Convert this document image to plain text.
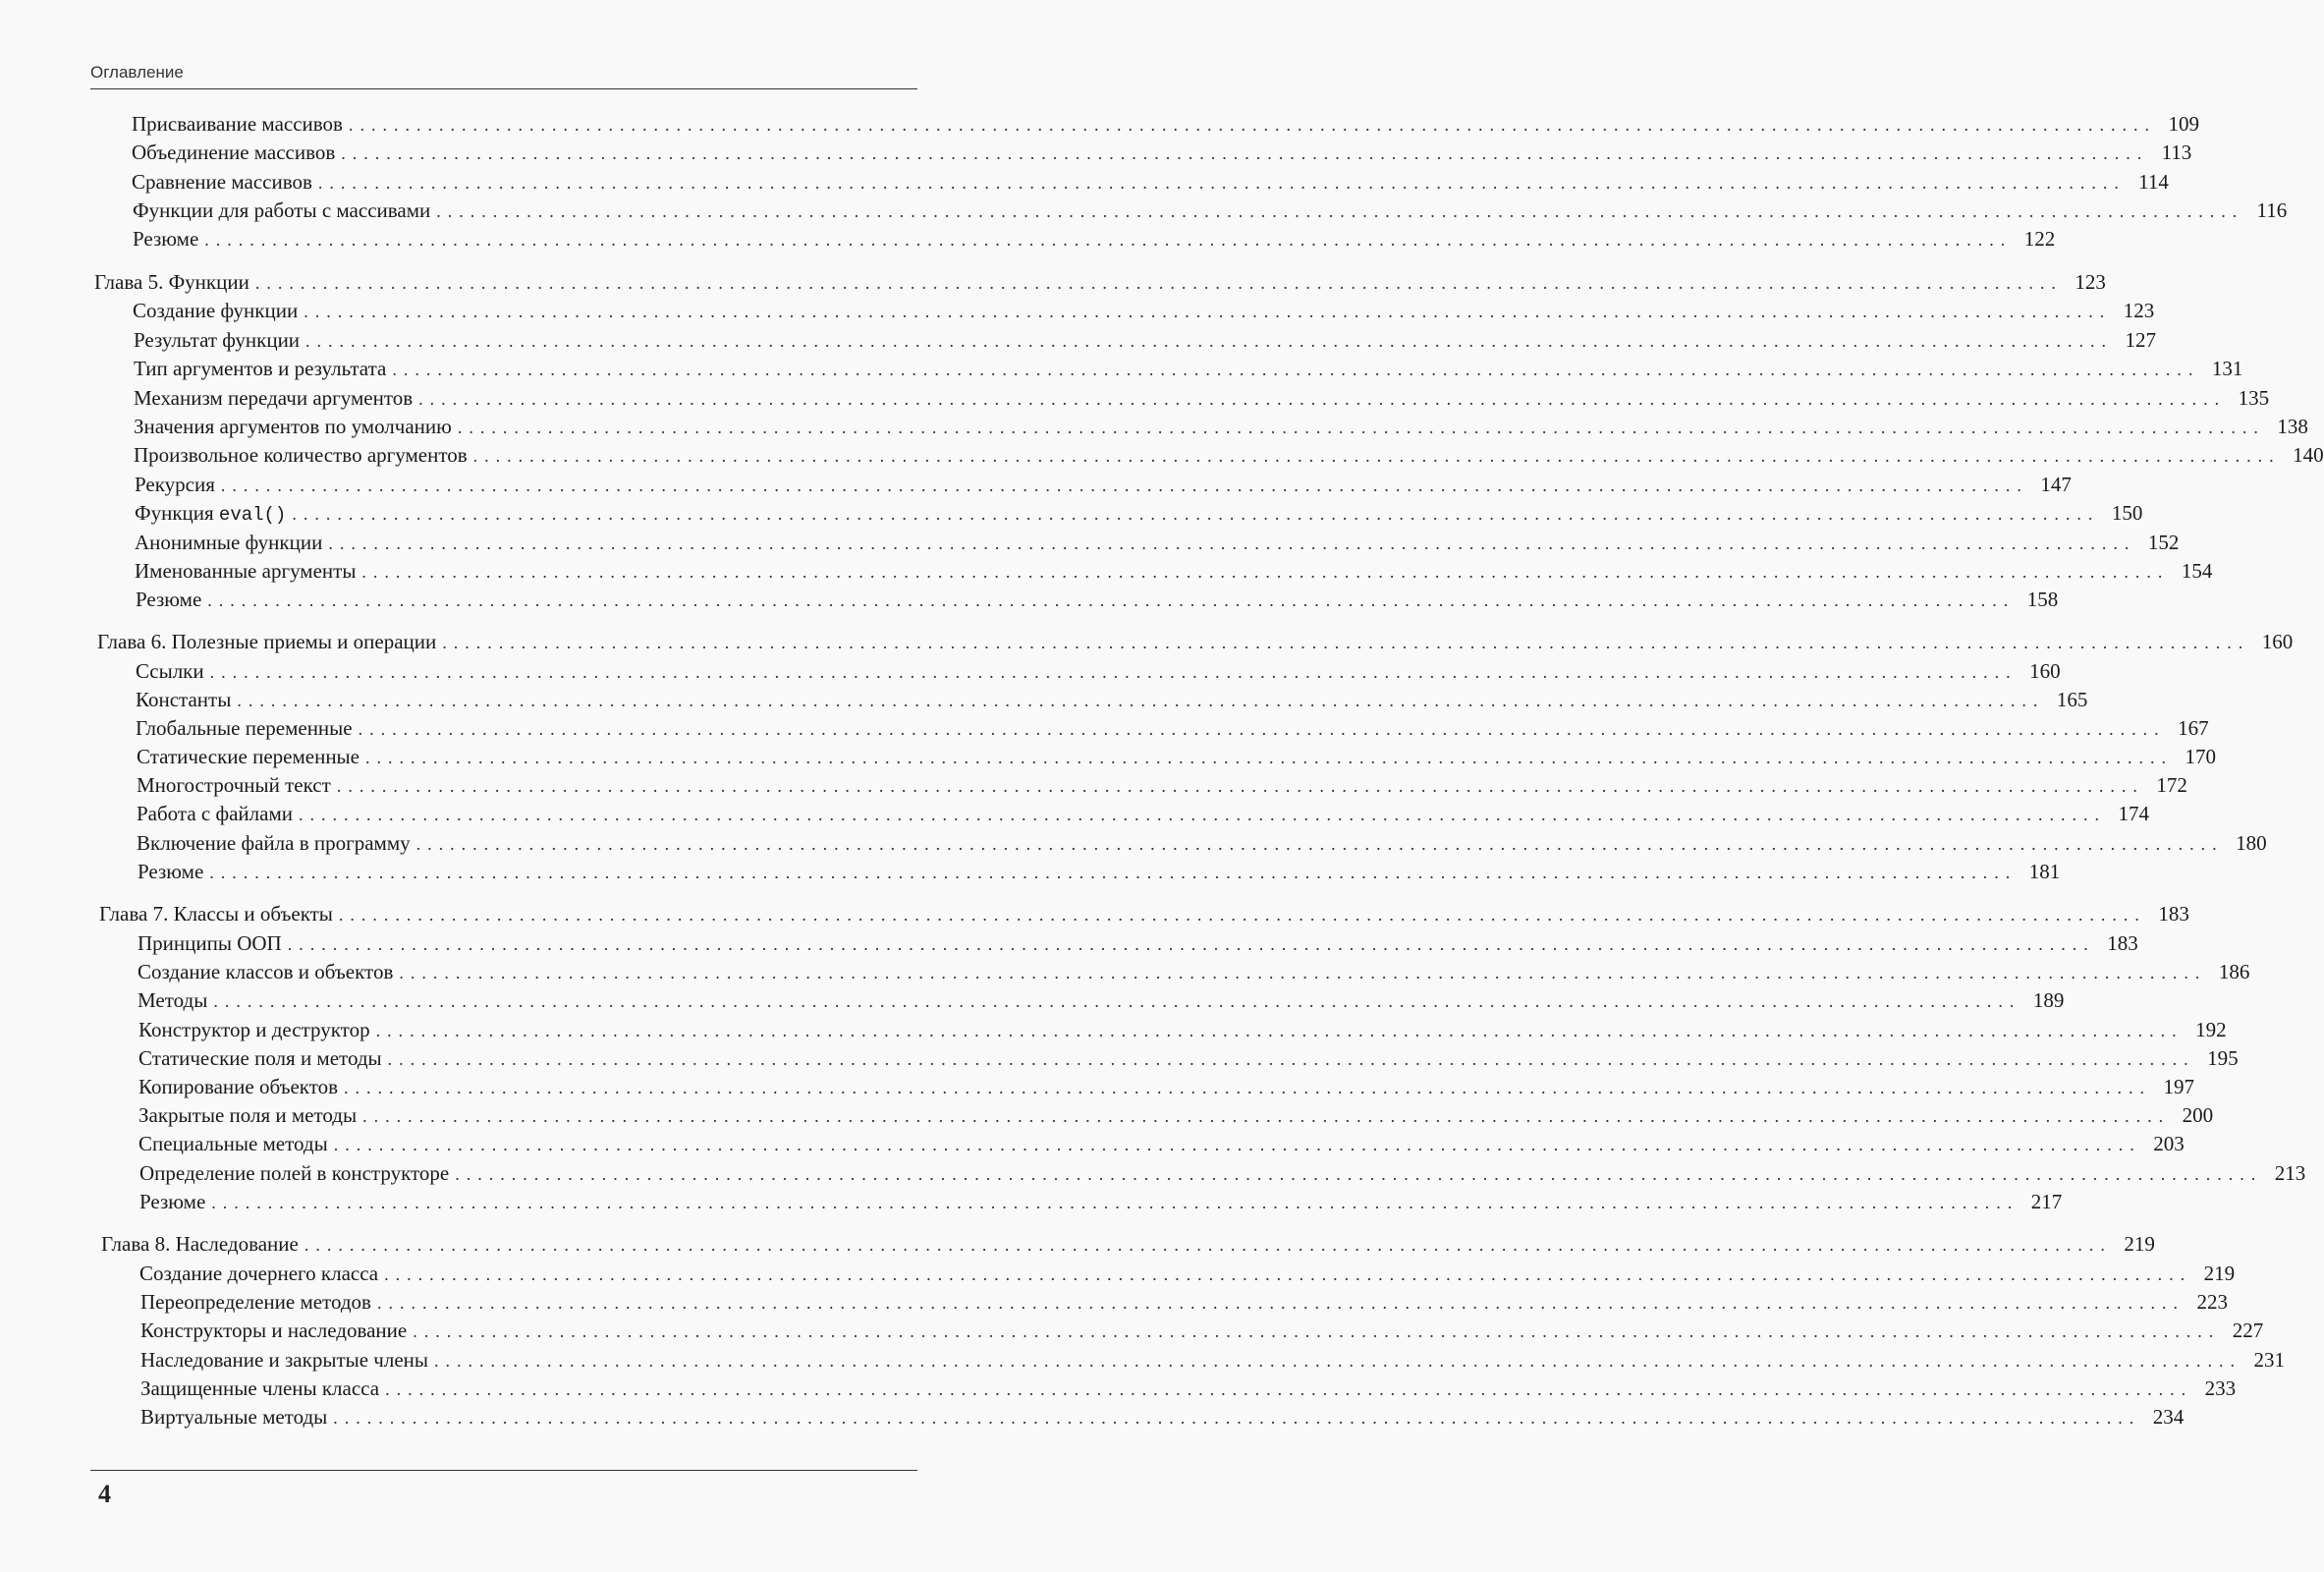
Оглавление
Присваивание массивов ................................................................................................................................................................ 109
Объединение массивов ................................................................................................................................................................ 113
Сравнение массивов ................................................................................................................................................................ 114
Функции для работы с массивами ................................................................................................................................................................ 116
Резюме ................................................................................................................................................................ 122
Глава 5. Функции ................................................................................................................................................................ 123
Создание функции ................................................................................................................................................................ 123
Результат функции ................................................................................................................................................................ 127
Тип аргументов и результата ................................................................................................................................................................ 131
Механизм передачи аргументов ................................................................................................................................................................ 135
Значения аргументов по умолчанию ................................................................................................................................................................ 138
Произвольное количество аргументов ................................................................................................................................................................ 140
Рекурсия ................................................................................................................................................................ 147
Функция eval() ................................................................................................................................................................ 150
Анонимные функции ................................................................................................................................................................ 152
Именованные аргументы ................................................................................................................................................................ 154
Резюме ................................................................................................................................................................ 158
Глава 6. Полезные приемы и операции ................................................................................................................................................................ 160
Ссылки ................................................................................................................................................................ 160
Константы ................................................................................................................................................................ 165
Глобальные переменные ................................................................................................................................................................ 167
Статические переменные ................................................................................................................................................................ 170
Многострочный текст ................................................................................................................................................................ 172
Работа с файлами ................................................................................................................................................................ 174
Включение файла в программу ................................................................................................................................................................ 180
Резюме ................................................................................................................................................................ 181
Глава 7. Классы и объекты ................................................................................................................................................................ 183
Принципы ООП ................................................................................................................................................................ 183
Создание классов и объектов ................................................................................................................................................................ 186
Методы ................................................................................................................................................................ 189
Конструктор и деструктор ................................................................................................................................................................ 192
Статические поля и методы ................................................................................................................................................................ 195
Копирование объектов ................................................................................................................................................................ 197
Закрытые поля и методы ................................................................................................................................................................ 200
Специальные методы ................................................................................................................................................................ 203
Определение полей в конструкторе ................................................................................................................................................................ 213
Резюме ................................................................................................................................................................ 217
Глава 8. Наследование ................................................................................................................................................................ 219
Создание дочернего класса ................................................................................................................................................................ 219
Переопределение методов ................................................................................................................................................................ 223
Конструкторы и наследование ................................................................................................................................................................ 227
Наследование и закрытые члены ................................................................................................................................................................ 231
Защищенные члены класса ................................................................................................................................................................ 233
Виртуальные методы ................................................................................................................................................................ 234
4
